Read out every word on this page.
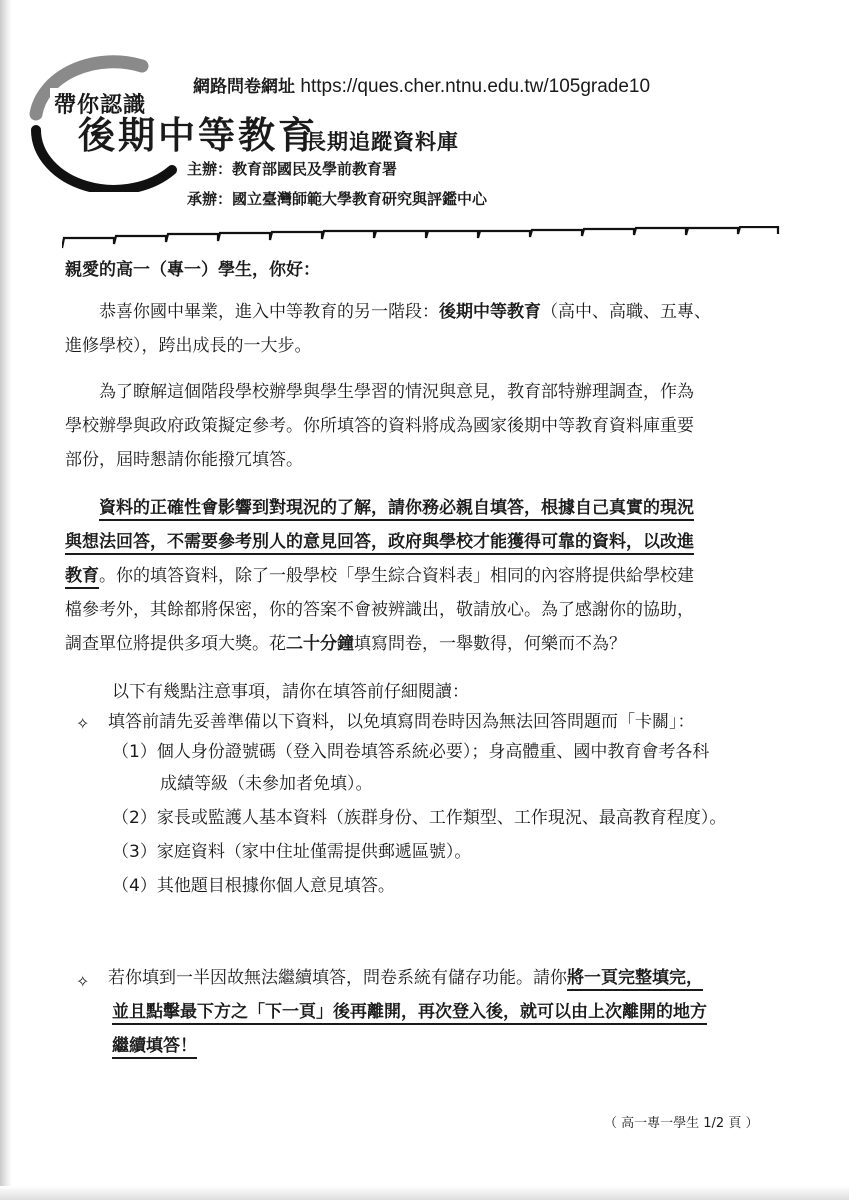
網路問卷網址 https://ques.cher.ntnu.edu.tw/105grade10
帶你認識
後期中等教育
長期追蹤資料庫
主辦：教育部國民及學前教育署
承辦：國立臺灣師範大學教育研究與評鑑中心
親愛的高一（專一）學生，你好：
恭喜你國中畢業，進入中等教育的另一階段：後期中等教育（高中、高職、五專、
進修學校），跨出成長的一大步。
為了瞭解這個階段學校辦學與學生學習的情況與意見，教育部特辦理調查，作為
學校辦學與政府政策擬定參考。你所填答的資料將成為國家後期中等教育資料庫重要
部份，屆時懇請你能撥冗填答。
資料的正確性會影響到對現況的了解，請你務必親自填答，根據自己真實的現況
與想法回答，不需要參考別人的意見回答，政府與學校才能獲得可靠的資料，以改進
教育。你的填答資料，除了一般學校「學生綜合資料表」相同的內容將提供給學校建
檔參考外，其餘都將保密，你的答案不會被辨識出，敬請放心。為了感謝你的協助，
調查單位將提供多項大獎。花二十分鐘填寫問卷，一舉數得，何樂而不為？
以下有幾點注意事項，請你在填答前仔細閱讀：
✧ 填答前請先妥善準備以下資料，以免填寫問卷時因為無法回答問題而「卡關」：
（1）個人身份證號碼（登入問卷填答系統必要）；身高體重、國中教育會考各科
成績等級（未參加者免填）。
（2）家長或監護人基本資料（族群身份、工作類型、工作現況、最高教育程度）。
（3）家庭資料（家中住址僅需提供郵遞區號）。
（4）其他題目根據你個人意見填答。
✧ 若你填到一半因故無法繼續填答，問卷系統有儲存功能。請你將一頁完整填完，
並且點擊最下方之「下一頁」後再離開，再次登入後，就可以由上次離開的地方
繼續填答！
（ 高一專一學生 1/2 頁 ）
